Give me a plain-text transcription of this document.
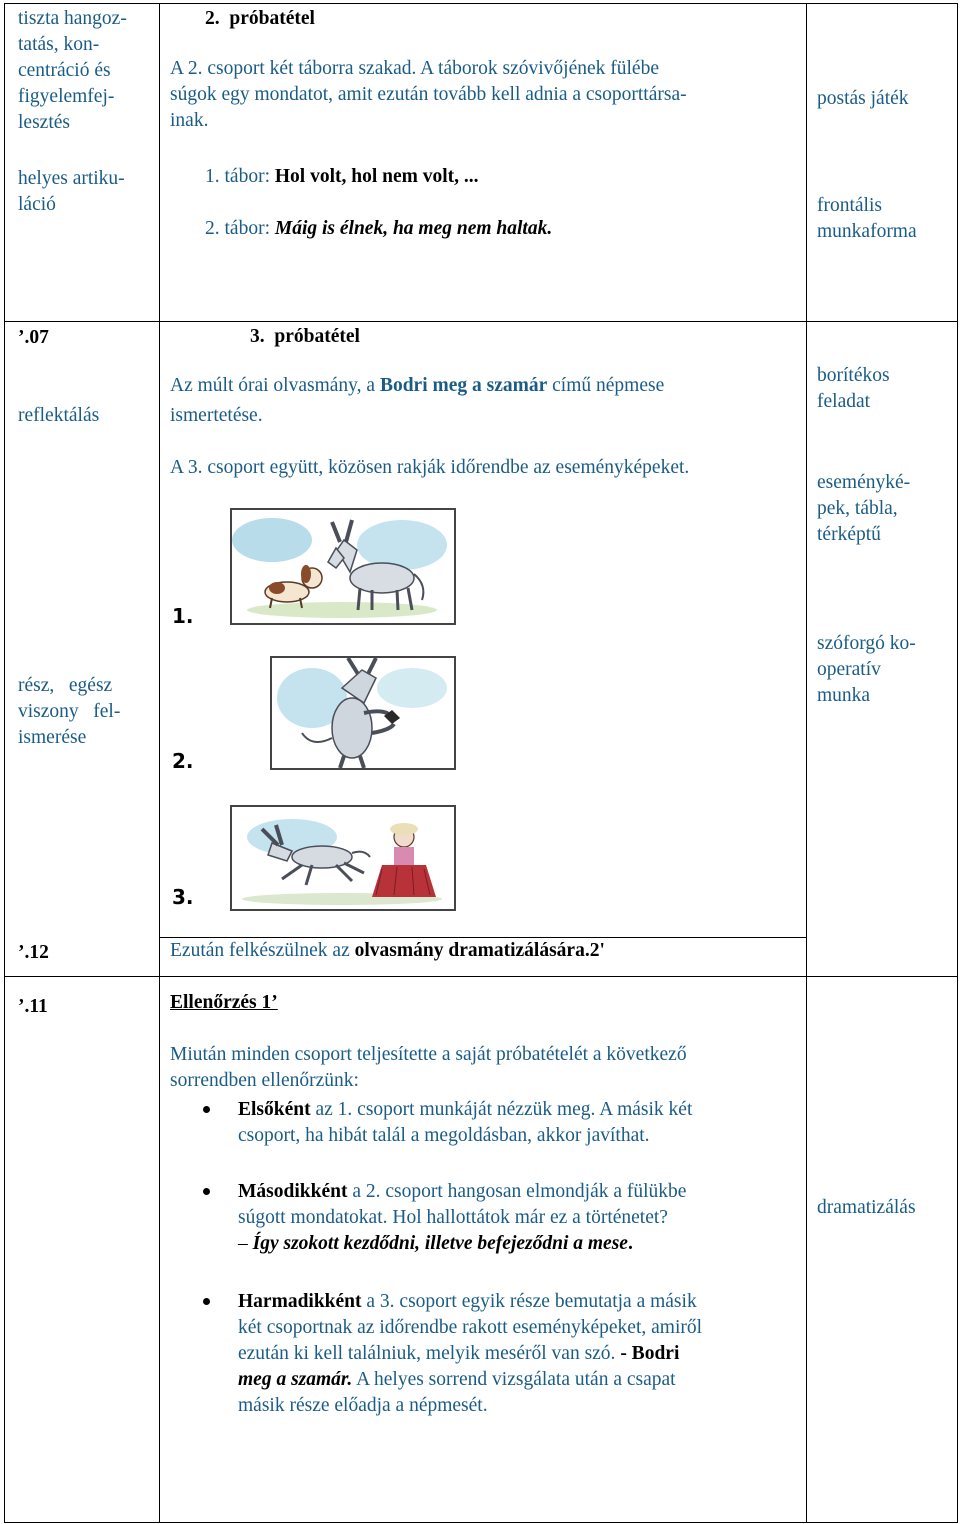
tiszta hangoz-
tatás, kon-
centráció és
figyelemfej-
lesztés
helyes artiku-
láció
2. próbatétel
A 2. csoport két táborra szakad. A táborok szóvivőjének fülébe
súgok egy mondatot, amit ezután tovább kell adnia a csoporttársa-
inak.
1. tábor: Hol volt, hol nem volt, ...
2. tábor: Máig is élnek, ha meg nem haltak.
postás játék
frontális
munkaforma
’.07
reflektálás
rész,   egész
viszony   fel-
ismerése
3. próbatétel
Az múlt órai olvasmány, a Bodri meg a szamár című népmese
ismertetése.
A 3. csoport együtt, közösen rakják időrendbe az eseményképeket.
1.
2.
3.
borítékos
feladat
eseményké-
pek, tábla,
térképtű
szóforgó ko-
operatív
munka
’.12	Ezután felkészülnek az olvasmány dramatizálására.2'
’.11	Ellenőrzés 1’
Miután minden csoport teljesítette a saját próbatételét a következő
sorrendben ellenőrzünk:
Elsőként az 1. csoport munkáját nézzük meg. A másik két
csoport, ha hibát talál a megoldásban, akkor javíthat.
Másodikként a 2. csoport hangosan elmondják a fülükbe
súgott mondatokat. Hol hallottátok már ez a történetet?
– Így szokott kezdődni, illetve befejeződni a mese.
Harmadikként a 3. csoport egyik része bemutatja a másik
két csoportnak az időrendbe rakott eseményképeket, amiről
ezután ki kell találniuk, melyik meséről van szó. - Bodri
meg a szamár. A helyes sorrend vizsgálata után a csapat
másik része előadja a népmesét.
dramatizálás
